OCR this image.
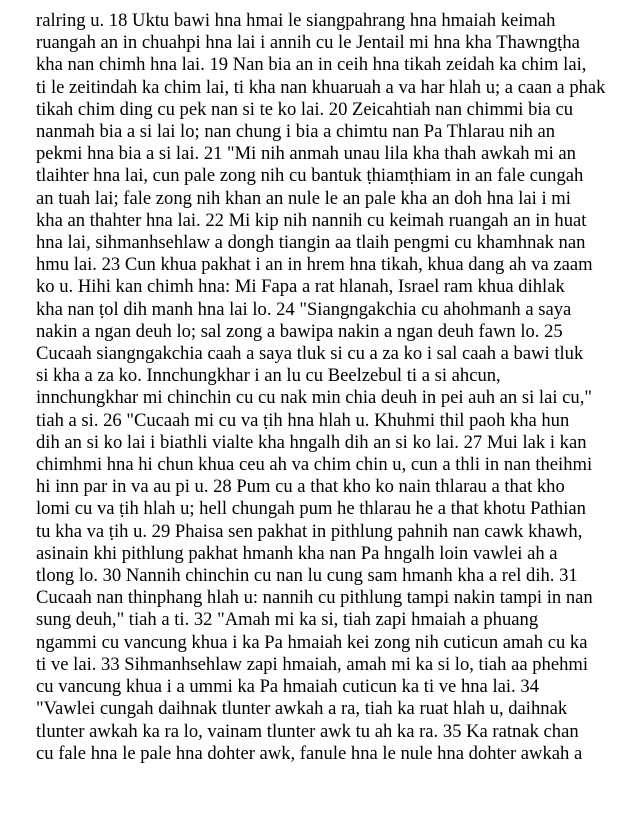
ralring u. 18 Uktu bawi hna hmai le siangpahrang hna hmaiah keimah
ruangah an in chuahpi hna lai i annih cu le Jentail mi hna kha Thawngṭha
kha nan chimh hna lai. 19 Nan bia an in ceih hna tikah zeidah ka chim lai,
ti le zeitindah ka chim lai, ti kha nan khuaruah a va har hlah u; a caan a phak
tikah chim ding cu pek nan si te ko lai. 20 Zeicahtiah nan chimmi bia cu
nanmah bia a si lai lo; nan chung i bia a chimtu nan Pa Thlarau nih an
pekmi hna bia a si lai. 21 "Mi nih anmah unau lila kha thah awkah mi an
tlaihter hna lai, cun pale zong nih cu bantuk ṭhiamṭhiam in an fale cungah
an tuah lai; fale zong nih khan an nule le an pale kha an doh hna lai i mi
kha an thahter hna lai. 22 Mi kip nih nannih cu keimah ruangah an in huat
hna lai, sihmanhsehlaw a dongh tiangin aa tlaih pengmi cu khamhnak nan
hmu lai. 23 Cun khua pakhat i an in hrem hna tikah, khua dang ah va zaam
ko u. Hihi kan chimh hna: Mi Fapa a rat hlanah, Israel ram khua dihlak
kha nan ṭol dih manh hna lai lo. 24 "Siangngakchia cu ahohmanh a saya
nakin a ngan deuh lo; sal zong a bawipa nakin a ngan deuh fawn lo. 25
Cucaah siangngakchia caah a saya tluk si cu a za ko i sal caah a bawi tluk
si kha a za ko. Innchungkhar i an lu cu Beelzebul ti a si ahcun,
innchungkhar mi chinchin cu cu nak min chia deuh in pei auh an si lai cu,"
tiah a si. 26 "Cucaah mi cu va ṭih hna hlah u. Khuhmi thil paoh kha hun
dih an si ko lai i biathli vialte kha hngalh dih an si ko lai. 27 Mui lak i kan
chimhmi hna hi chun khua ceu ah va chim chin u, cun a thli in nan theihmi
hi inn par in va au pi u. 28 Pum cu a that kho ko nain thlarau a that kho
lomi cu va ṭih hlah u; hell chungah pum he thlarau he a that khotu Pathian
tu kha va ṭih u. 29 Phaisa sen pakhat in pithlung pahnih nan cawk khawh,
asinain khi pithlung pakhat hmanh kha nan Pa hngalh loin vawlei ah a
tlong lo. 30 Nannih chinchin cu nan lu cung sam hmanh kha a rel dih. 31
Cucaah nan thinphang hlah u: nannih cu pithlung tampi nakin tampi in nan
sung deuh," tiah a ti. 32 "Amah mi ka si, tiah zapi hmaiah a phuang
ngammi cu vancung khua i ka Pa hmaiah kei zong nih cuticun amah cu ka
ti ve lai. 33 Sihmanhsehlaw zapi hmaiah, amah mi ka si lo, tiah aa phehmi
cu vancung khua i a ummi ka Pa hmaiah cuticun ka ti ve hna lai. 34
"Vawlei cungah daihnak tlunter awkah a ra, tiah ka ruat hlah u, daihnak
tlunter awkah ka ra lo, vainam tlunter awk tu ah ka ra. 35 Ka ratnak chan
cu fale hna le pale hna dohter awk, fanule hna le nule hna dohter awkah a
